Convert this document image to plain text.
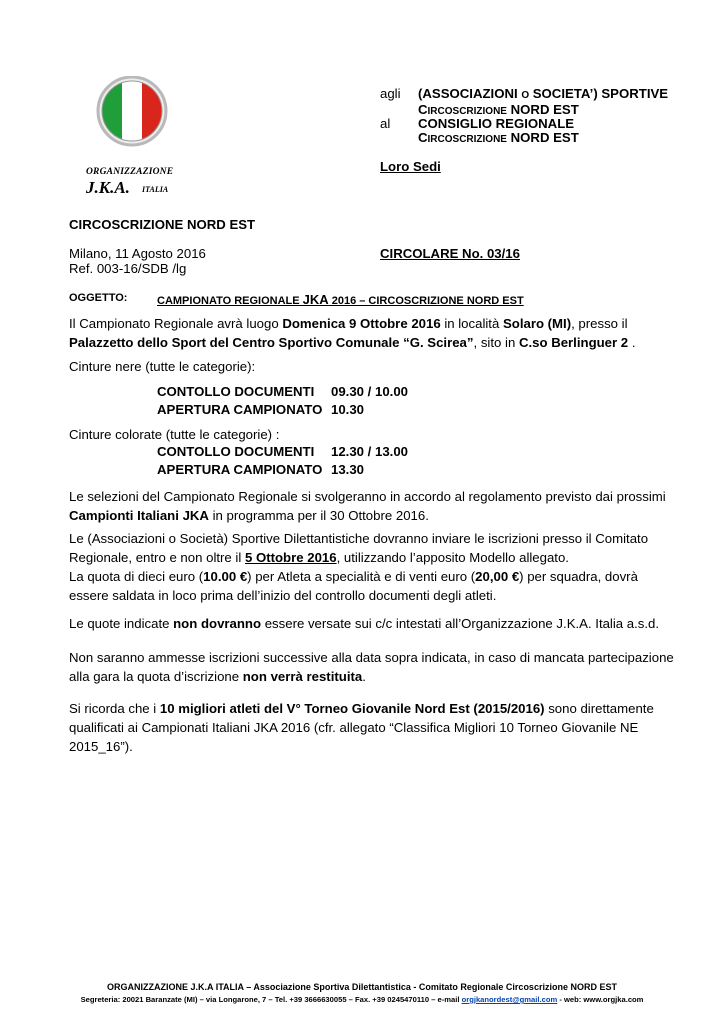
ORGANIZZAZIONE
J.K.A. ITALIA
agli (ASSOCIAZIONI O SOCIETA’) SPORTIVE
CIRCOSCRIZIONE NORD EST
al CONSIGLIO REGIONALE
CIRCOSCRIZIONE NORD EST
Loro Sedi
CIRCOSCRIZIONE NORD EST
Milano, 11 Agosto 2016	CIRCOLARE No. 03/16
Ref. 003-16/SDB /lg
OGGETTO:	CAMPIONATO REGIONALE JKA 2016 – CIRCOSCRIZIONE NORD EST
Il Campionato Regionale avrà luogo Domenica 9 Ottobre 2016 in località Solaro (MI), presso il
Palazzetto dello Sport del Centro Sportivo Comunale “G. Scirea”, sito in C.so Berlinguer 2 .
Cinture nere (tutte le categorie):
CONTOLLO DOCUMENTI 09.30 / 10.00
APERTURA CAMPIONATO 10.30
Cinture colorate (tutte le categorie) :
CONTOLLO DOCUMENTI 12.30 / 13.00
APERTURA CAMPIONATO 13.30
Le selezioni del Campionato Regionale si svolgeranno in accordo al regolamento previsto dai prossimi
Campionti Italiani JKA in programma per il 30 Ottobre 2016.
Le (Associazioni o Società) Sportive Dilettantistiche dovranno inviare le iscrizioni presso il Comitato
Regionale, entro e non oltre il 5 Ottobre 2016, utilizzando l’apposito Modello allegato.
La quota di dieci euro (10.00 €) per Atleta a specialità e di venti euro (20,00 €) per squadra, dovrà
essere saldata in loco prima dell’inizio del controllo documenti degli atleti.
Le quote indicate non dovranno essere versate sui c/c intestati all’Organizzazione J.K.A. Italia a.s.d.
Non saranno ammesse iscrizioni successive alla data sopra indicata, in caso di mancata partecipazione
alla gara la quota d’iscrizione non verrà restituita.
Si ricorda che i 10 migliori atleti del V° Torneo Giovanile Nord Est (2015/2016) sono direttamente
qualificati ai Campionati Italiani JKA 2016 (cfr. allegato “Classifica Migliori 10 Torneo Giovanile NE
2015_16”).
ORGANIZZAZIONE J.K.A ITALIA – Associazione Sportiva Dilettantistica - Comitato Regionale Circoscrizione NORD EST
Segreteria: 20021 Baranzate (MI) – via Longarone, 7 – Tel. +39 3666630055 – Fax. +39 0245470110 – e-mail orgjkanordest@gmail.com - web: www.orgjka.com
